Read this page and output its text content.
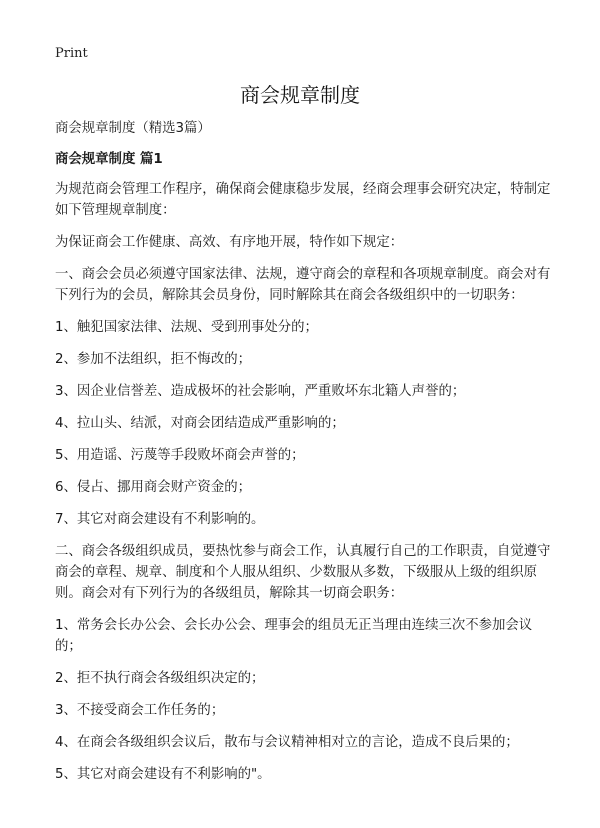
Print
商会规章制度

商会规章制度（精选3篇）

商会规章制度 篇1

为规范商会管理工作程序，确保商会健康稳步发展，经商会理事会研究决定，特制定如下管理规章制度：

为保证商会工作健康、高效、有序地开展，特作如下规定：

一、商会会员必须遵守国家法律、法规，遵守商会的章程和各项规章制度。商会对有下列行为的会员，解除其会员身份，同时解除其在商会各级组织中的一切职务：

1、触犯国家法律、法规、受到刑事处分的；

2、参加不法组织，拒不悔改的；

3、因企业信誉差、造成极坏的社会影响，严重败坏东北籍人声誉的；

4、拉山头、结派，对商会团结造成严重影响的；

5、用造谣、污蔑等手段败坏商会声誉的；

6、侵占、挪用商会财产资金的；

7、其它对商会建设有不利影响的。

二、商会各级组织成员，要热忱参与商会工作，认真履行自己的工作职责，自觉遵守商会的章程、规章、制度和个人服从组织、少数服从多数，下级服从上级的组织原则。商会对有下列行为的各级组员，解除其一切商会职务：

1、常务会长办公会、会长办公会、理事会的组员无正当理由连续三次不参加会议的；

2、拒不执行商会各级组织决定的；

3、不接受商会工作任务的；

4、在商会各级组织会议后，散布与会议精神相对立的言论，造成不良后果的；

5、其它对商会建设有不利影响的"。
